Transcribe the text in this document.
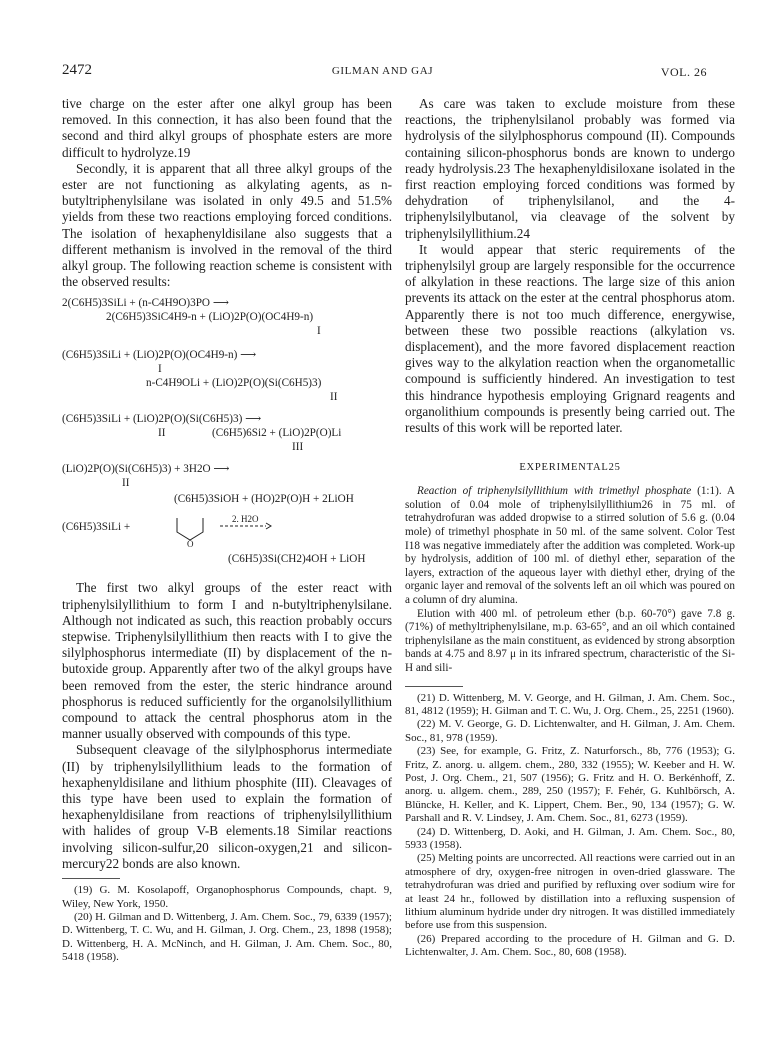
2472	GILMAN AND GAJ	VOL. 26

tive charge on the ester after one alkyl group has been removed. In this connection, it has also been found that the second and third alkyl groups of phosphate esters are more difficult to hydrolyze.19

Secondly, it is apparent that all three alkyl groups of the ester are not functioning as alkylating agents, as n-butyltriphenylsilane was isolated in only 49.5 and 51.5% yields from these two reactions employing forced conditions. The isolation of hexaphenyldisilane also suggests that a different methanism is involved in the removal of the third alkyl group. The following reaction scheme is consistent with the observed results:

2(C6H5)3SiLi + (n-C4H9O)3PO ⟶
2(C6H5)3SiC4H9-n + (LiO)2P(O)(OC4H9-n)
I
(C6H5)3SiLi + (LiO)2P(O)(OC4H9-n) ⟶
I
n-C4H9OLi + (LiO)2P(O)(Si(C6H5)3)
II
(C6H5)3SiLi + (LiO)2P(O)(Si(C6H5)3) ⟶
II	(C6H5)6Si2 + (LiO)2P(O)Li
III
(LiO)2P(O)(Si(C6H5)3) + 3H2O ⟶
II
(C6H5)3SiOH + (HO)2P(O)H + 2LiOH
(C6H5)3SiLi +
O
2. H2O
(C6H5)3Si(CH2)4OH + LiOH

The first two alkyl groups of the ester react with triphenylsilyllithium to form I and n-butyltriphenylsilane. Although not indicated as such, this reaction probably occurs stepwise. Triphenylsilyllithium then reacts with I to give the silylphosphorus intermediate (II) by displacement of the n-butoxide group. Apparently after two of the alkyl groups have been removed from the ester, the steric hindrance around phosphorus is reduced sufficiently for the organolsilyllithium compound to attack the central phosphorus atom in the manner usually observed with compounds of this type.

Subsequent cleavage of the silylphosphorus intermediate (II) by triphenylsilyllithium leads to the formation of hexaphenyldisilane and lithium phosphite (III). Cleavages of this type have been used to explain the formation of hexaphenyldisilane from reactions of triphenylsilyllithium with halides of group V-B elements.18 Similar reactions involving silicon-sulfur,20 silicon-oxygen,21 and silicon-mercury22 bonds are also known.

(19) G. M. Kosolapoff, Organophosphorus Compounds, chapt. 9, Wiley, New York, 1950.

(20) H. Gilman and D. Wittenberg, J. Am. Chem. Soc., 79, 6339 (1957); D. Wittenberg, T. C. Wu, and H. Gilman, J. Org. Chem., 23, 1898 (1958); D. Wittenberg, H. A. McNinch, and H. Gilman, J. Am. Chem. Soc., 80, 5418 (1958).

As care was taken to exclude moisture from these reactions, the triphenylsilanol probably was formed via hydrolysis of the silylphosphorus compound (II). Compounds containing silicon-phosphorus bonds are known to undergo ready hydrolysis.23 The hexaphenyldisiloxane isolated in the first reaction employing forced conditions was formed by dehydration of triphenylsilanol, and the 4-triphenylsilylbutanol, via cleavage of the solvent by triphenylsilyllithium.24

It would appear that steric requirements of the triphenylsilyl group are largely responsible for the occurrence of alkylation in these reactions. The large size of this anion prevents its attack on the ester at the central phosphorus atom. Apparently there is not too much difference, energywise, between these two possible reactions (alkylation vs. displacement), and the more favored displacement reaction gives way to the alkylation reaction when the organometallic compound is sufficiently hindered. An investigation to test this hindrance hypothesis employing Grignard reagents and organolithium compounds is presently being carried out. The results of this work will be reported later.

EXPERIMENTAL25

Reaction of triphenylsilyllithium with trimethyl phosphate (1:1). A solution of 0.04 mole of triphenylsilyllithium26 in 75 ml. of tetrahydrofuran was added dropwise to a stirred solution of 5.6 g. (0.04 mole) of trimethyl phosphate in 50 ml. of the same solvent. Color Test I18 was negative immediately after the addition was completed. Work-up by hydrolysis, addition of 100 ml. of diethyl ether, separation of the layers, extraction of the aqueous layer with diethyl ether, drying of the organic layer and removal of the solvents left an oil which was poured on a column of dry alumina.

Elution with 400 ml. of petroleum ether (b.p. 60-70°) gave 7.8 g. (71%) of methyltriphenylsilane, m.p. 63-65°, and an oil which contained triphenylsilane as the main constituent, as evidenced by strong absorption bands at 4.75 and 8.97 μ in its infrared spectrum, characteristic of the Si-H and sili-

(21) D. Wittenberg, M. V. George, and H. Gilman, J. Am. Chem. Soc., 81, 4812 (1959); H. Gilman and T. C. Wu, J. Org. Chem., 25, 2251 (1960).

(22) M. V. George, G. D. Lichtenwalter, and H. Gilman, J. Am. Chem. Soc., 81, 978 (1959).

(23) See, for example, G. Fritz, Z. Naturforsch., 8b, 776 (1953); G. Fritz, Z. anorg. u. allgem. chem., 280, 332 (1955); W. Keeber and H. W. Post, J. Org. Chem., 21, 507 (1956); G. Fritz and H. O. Berkénhoff, Z. anorg. u. allgem. chem., 289, 250 (1957); F. Fehér, G. Kuhlbörsch, A. Blüncke, H. Keller, and K. Lippert, Chem. Ber., 90, 134 (1957); G. W. Parshall and R. V. Lindsey, J. Am. Chem. Soc., 81, 6273 (1959).

(24) D. Wittenberg, D. Aoki, and H. Gilman, J. Am. Chem. Soc., 80, 5933 (1958).

(25) Melting points are uncorrected. All reactions were carried out in an atmosphere of dry, oxygen-free nitrogen in oven-dried glassware. The tetrahydrofuran was dried and purified by refluxing over sodium wire for at least 24 hr., followed by distillation into a refluxing suspension of lithium aluminum hydride under dry nitrogen. It was distilled immediately before use from this suspension.

(26) Prepared according to the procedure of H. Gilman and G. D. Lichtenwalter, J. Am. Chem. Soc., 80, 608 (1958).
